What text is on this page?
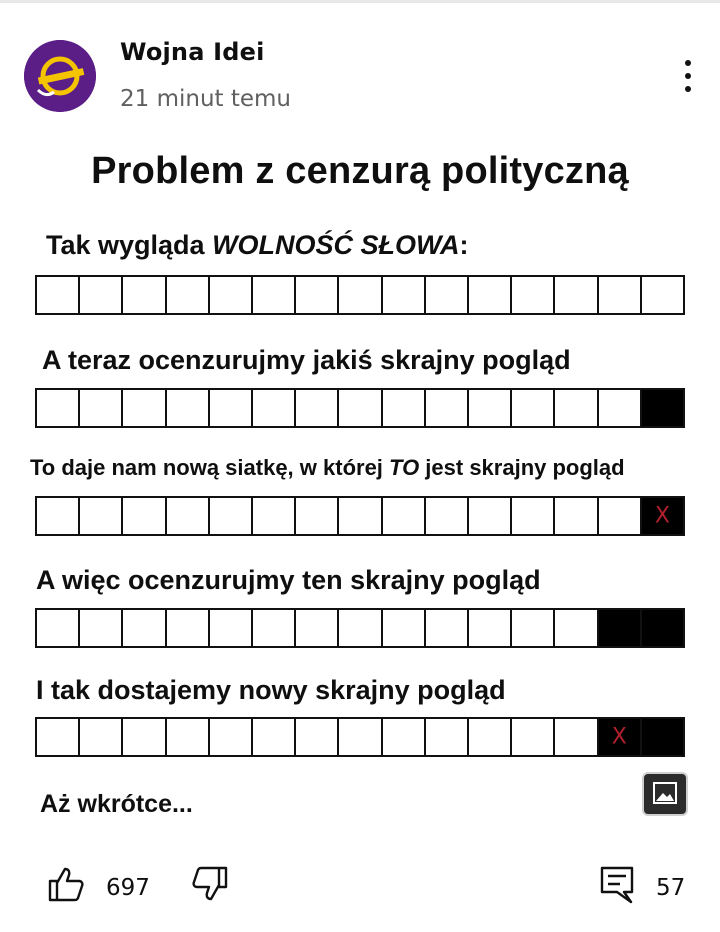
Wojna Idei
21 minut temu
Problem z cenzurą polityczną
Tak wygląda WOLNOŚĆ SŁOWA:
A teraz ocenzurujmy jakiś skrajny pogląd
To daje nam nową siatkę, w której TO jest skrajny pogląd
X
A więc ocenzurujmy ten skrajny pogląd
I tak dostajemy nowy skrajny pogląd
X
Aż wkrótce...
697	57
